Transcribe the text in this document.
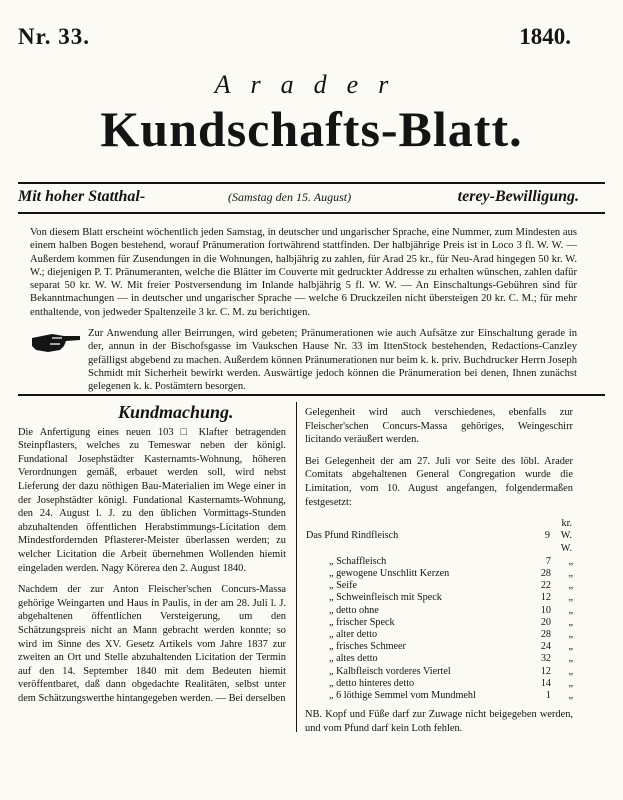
Nr. 33.	1840.
Arader
Kundschafts-Blatt.
Mit hoher Statthal-	(Samstag den 15. August)	terey-Bewilligung.

Von diesem Blatt erscheint wöchentlich jeden Samstag, in deutscher und ungarischer Sprache, eine Nummer, zum Mindesten aus einem halben Bogen bestehend, worauf Pränumeration fortwährend stattfinden. Der halbjährige Preis ist in Loco 3 fl. W. W. — Außerdem kommen für Zusendungen in die Wohnungen, halbjährig zu zahlen, für Arad 25 kr., für Neu-Arad hingegen 50 kr. W. W.; diejenigen P. T. Pränumeranten, welche die Blätter im Couverte mit gedruckter Addresse zu erhalten wünschen, zahlen dafür separat 50 kr. W. W. Mit freier Postversendung im Inlande halbjährig 5 fl. W. W. — An Einschaltungs-Gebühren sind für Bekanntmachungen — in deutscher und ungarischer Sprache — welche 6 Druckzeilen nicht übersteigen 20 kr. C. M.; für mehr enthaltende, von jedweder Spaltenzeile 3 kr. C. M. zu berichtigen.

Zur Anwendung aller Beirrungen, wird gebeten; Pränumerationen wie auch Aufsätze zur Einschaltung gerade in der, annun in der Bischofsgasse im Vaukschen Hause Nr. 33 im IttenStock bestehenden, Redactions-Canzley gefälligst abgebend zu machen. Außerdem können Pränumerationen nur beim k. k. priv. Buchdrucker Herrn Joseph Schmidt mit Sicherheit bewirkt werden. Auswärtige jedoch können die Pränumeration bei denen, Ihnen zunächst gelegenen k. k. Postämtern besorgen.

Kundmachung.

Die Anfertigung eines neuen 103 □ Klafter betragenden Steinpflasters, welches zu Temeswar neben der königl. Fundational Josephstädter Kasternamts-Wohnung, höheren Verordnungen gemäß, erbauet werden soll, wird nebst Lieferung der dazu nöthigen Bau-Materialien im Wege einer in der Josephstädter königl. Fundational Kasternamts-Wohnung, den 24. August l. J. zu den üblichen Vormittags-Stunden abzuhaltenden öffentlichen Herabstimmungs-Licitation dem Mindestfordernden Pflasterer-Meister überlassen werden; zu welcher Licitation die Arbeit übernehmen Wollenden hiemit eingeladen werden. Nagy Körerea den 2. August 1840.

Nachdem der zur Anton Fleischer'schen Concurs-Massa gehörige Weingarten und Haus in Paulis, in der am 28. Juli l. J. abgehaltenen öffentlichen Versteigerung, um den Schätzungspreis nicht an Mann gebracht werden konnte; so wird im Sinne des XV. Gesetz Artikels vom Jahre 1837 zur zweiten an Ort und Stelle abzuhaltenden Licitation der Termin auf den 14. September 1840 mit dem Bedeuten hiemit veröffentbaret, daß dann obgedachte Realitäten, selbst unter dem Schätzungswerthe hintangegeben werden. — Bei derselben

Gelegenheit wird auch verschiedenes, ebenfalls zur Fleischer'schen Concurs-Massa gehöriges, Weingeschirr licitando veräußert werden.

Bei Gelegenheit der am 27. Juli vor Seite des löbl. Arader Comitats abgehaltenen General Congregation wurde die Limitation, vom 10. August angefangen, folgendermaßen festgesetzt:

Das Pfund Rindfleisch	9	kr. W. W.
„ Schaffleisch	7	„
„ gewogene Unschlitt Kerzen	28	„
„ Seife	22	„
„ Schweinfleisch mit Speck	12	„
„ detto ohne	10	„
„ frischer Speck	20	„
„ alter detto	28	„
„ frisches Schmeer	24	„
„ altes detto	32	„
„ Kalbfleisch vorderes Viertel	12	„
„ detto hinteres detto	14	„
„ 6 löthige Semmel vom Mundmehl	1	„

NB. Kopf und Füße darf zur Zuwage nicht beigegeben werden, und vom Pfund darf kein Loth fehlen.
